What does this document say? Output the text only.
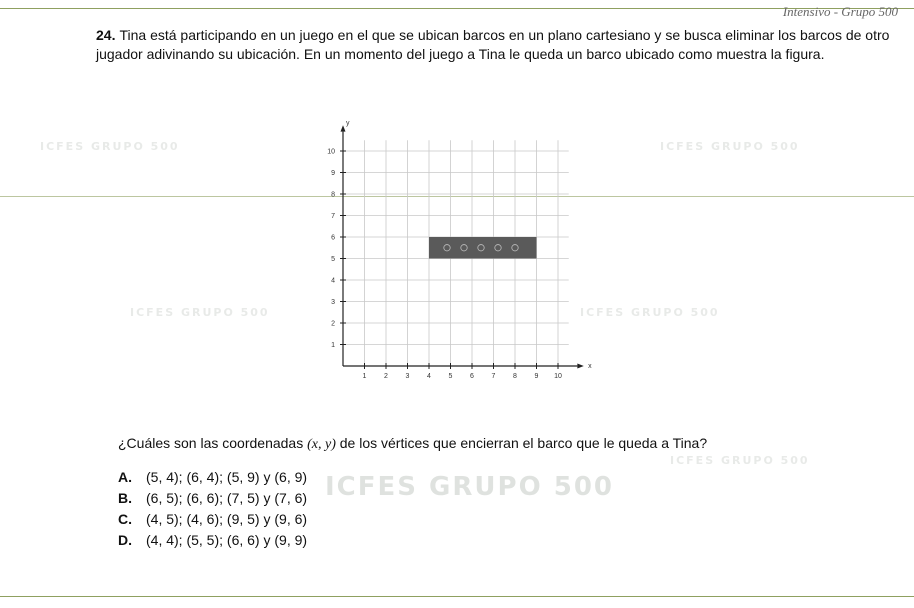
Intensivo - Grupo 500
ICFES GRUPO 500
ICFES GRUPO 500	ICFES GRUPO 500
ICFES GRUPO 500	ICFES GRUPO 500
ICFES GRUPO 500
24. Tina está participando en un juego en el que se ubican barcos en un plano cartesiano y se busca eliminar los barcos de otro jugador adivinando su ubicación. En un momento del juego a Tina le queda un barco ubicado como muestra la figura.
x
y
1	2	3	4	5	6	7	8	9 10
1
2
3
4
5
6
7
8
9
10
¿Cuáles son las coordenadas (x, y) de los vértices que encierran el barco que le queda a Tina?
A.	(5, 4); (6, 4); (5, 9) y (6, 9)
B.	(6, 5); (6, 6); (7, 5) y (7, 6)
C.	(4, 5); (4, 6); (9, 5) y (9, 6)
D.	(4, 4); (5, 5); (6, 6) y (9, 9)
